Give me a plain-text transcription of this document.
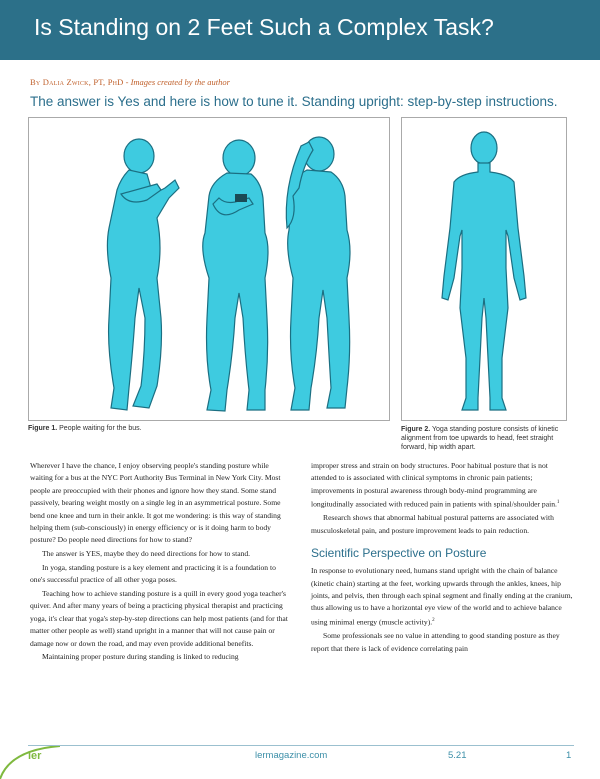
Is Standing on 2 Feet Such a Complex Task?
By Dalia Zwick, PT, PhD - Images created by the author
The answer is Yes and here is how to tune it. Standing upright: step-by-step instructions.
Figure 1. People waiting for the bus.	Figure 2. Yoga standing posture consists of kinetic alignment from toe upwards to head, feet straight forward, hip width apart.

Wherever I have the chance, I enjoy observing people's standing posture while waiting for a bus at the NYC Port Authority Bus Terminal in New York City. Most people are preoccupied with their phones and ignore how they stand. Some stand passively, bearing weight mostly on a single leg in an asymmetrical posture. Some bend one knee and turn in their ankle. It got me wondering: is this way of standing helping them (sub-consciously) in energy efficiency or is it doing harm to body posture? Do people need directions for how to stand?

The answer is YES, maybe they do need directions for how to stand.

In yoga, standing posture is a key element and practicing it is a foundation to one's successful practice of all other yoga poses.

Teaching how to achieve standing posture is a quill in every good yoga teacher's quiver. And after many years of being a practicing physical therapist and practicing yoga, it's clear that yoga's step-by-step directions can help most patients (and for that matter other people as well) stand upright in a manner that will not cause pain or damage now or down the road, and may even provide additional benefits.

Maintaining proper posture during standing is linked to reducing

improper stress and strain on body structures. Poor habitual posture that is not attended to is associated with clinical symptoms in chronic pain patients; improvements in postural awareness through body-mind programming are longitudinally associated with reduced pain in patients with spinal/shoulder pain.$^1$

Research shows that abnormal habitual postural patterns are associated with musculoskeletal pain, and posture improvement leads to pain reduction.

Scientific Perspective on Posture

In response to evolutionary need, humans stand upright with the chain of balance (kinetic chain) starting at the feet, working upwards through the ankles, knees, hip joints, and pelvis, then through each spinal segment and finally ending at the cranium, thus allowing us to have a horizontal eye view of the world and to achieve balance using minimal energy (muscle activity).$^2$

Some professionals see no value in attending to good standing posture as they report that there is lack of evidence correlating pain

ler	lermagazine.com	5.21	1
